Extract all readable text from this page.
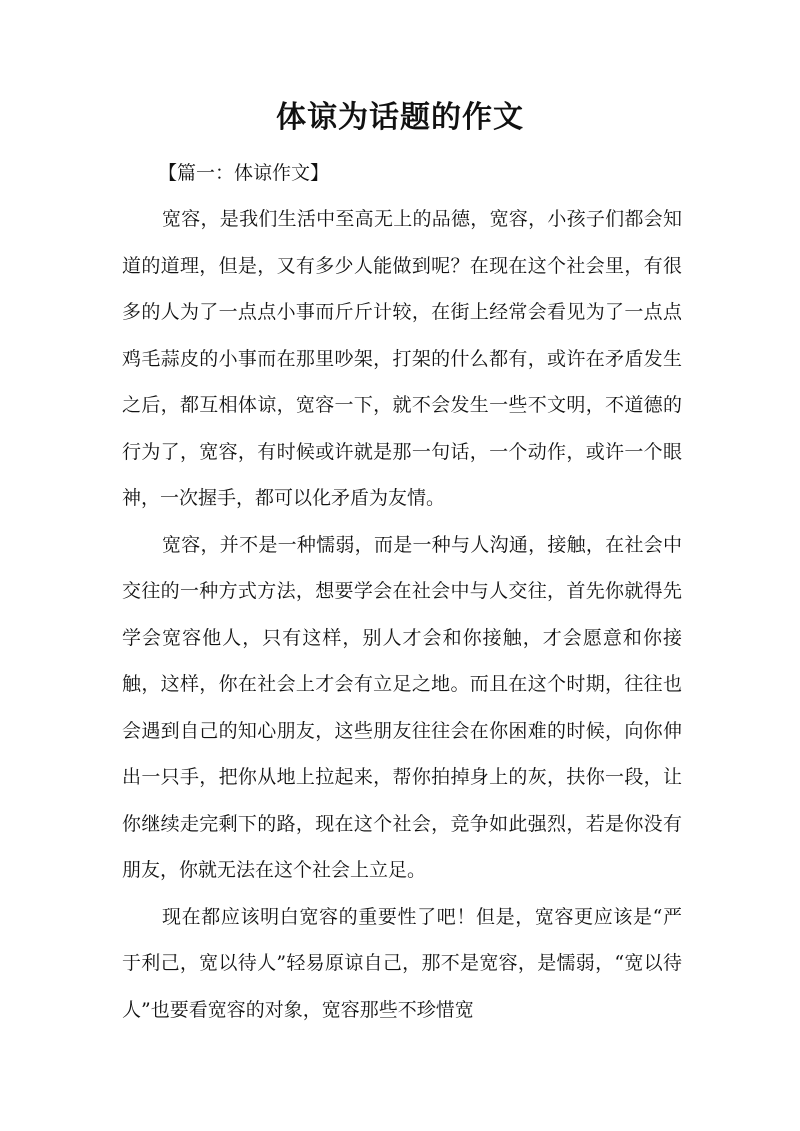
体谅为话题的作文

【篇一：体谅作文】

宽容，是我们生活中至高无上的品德，宽容，小孩子们都会知道的道理，但是，又有多少人能做到呢？在现在这个社会里，有很多的人为了一点点小事而斤斤计较，在街上经常会看见为了一点点鸡毛蒜皮的小事而在那里吵架，打架的什么都有，或许在矛盾发生之后，都互相体谅，宽容一下，就不会发生一些不文明，不道德的行为了，宽容，有时候或许就是那一句话，一个动作，或许一个眼神，一次握手，都可以化矛盾为友情。

宽容，并不是一种懦弱，而是一种与人沟通，接触，在社会中交往的一种方式方法，想要学会在社会中与人交往，首先你就得先学会宽容他人，只有这样，别人才会和你接触，才会愿意和你接触，这样，你在社会上才会有立足之地。而且在这个时期，往往也会遇到自己的知心朋友，这些朋友往往会在你困难的时候，向你伸出一只手，把你从地上拉起来，帮你拍掉身上的灰，扶你一段，让你继续走完剩下的路，现在这个社会，竞争如此强烈，若是你没有朋友，你就无法在这个社会上立足。

现在都应该明白宽容的重要性了吧！但是，宽容更应该是“严于利己，宽以待人”轻易原谅自己，那不是宽容，是懦弱，“宽以待人”也要看宽容的对象，宽容那些不珍惜宽
